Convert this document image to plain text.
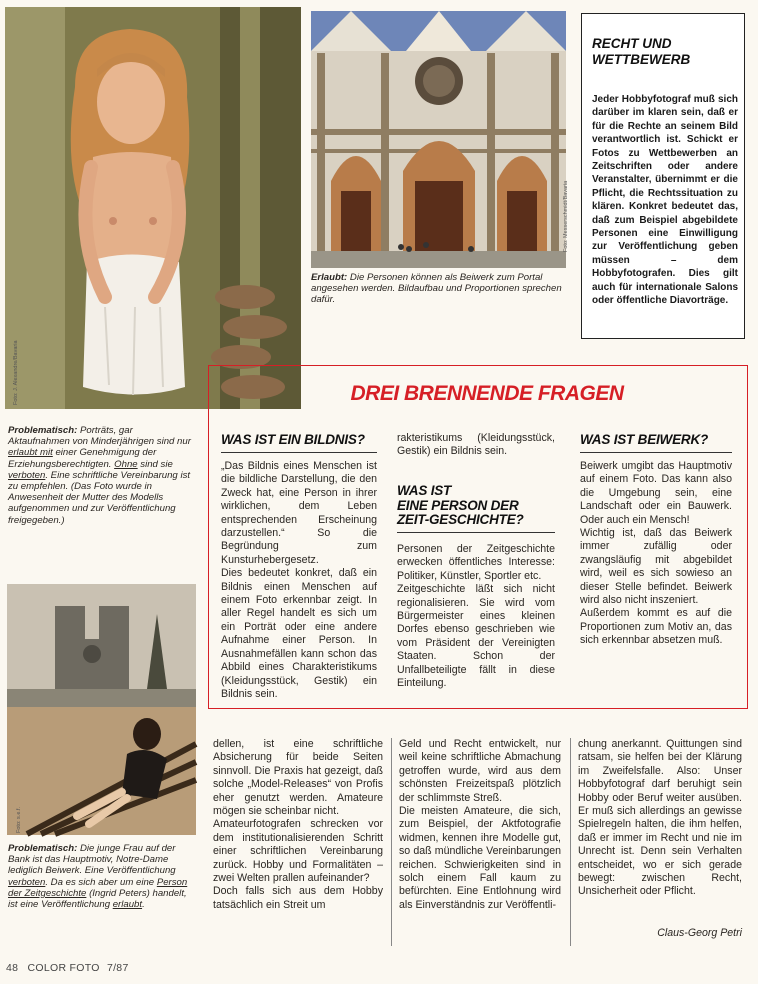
Foto: J. Alexandre/Bavaria
Foto: Messerschmidt/Bavaria
Erlaubt: Die Personen können als Beiwerk zum Portal angesehen werden. Bildaufbau und Proportionen sprechen dafür.
RECHT UND WETTBEWERB
Jeder Hobbyfotograf muß sich darüber im klaren sein, daß er für die Rechte an seinem Bild verantwortlich ist. Schickt er Fotos zu Wettbewerben an Zeitschriften oder andere Veranstalter, übernimmt er die Pflicht, die Rechtssituation zu klären. Konkret bedeutet das, daß zum Beispiel abgebildete Personen eine Einwilligung zur Veröffentlichung geben müssen – dem Hobbyfotografen. Dies gilt auch für internationale Salons oder öffentliche Diavorträge.
Problematisch: Porträts, gar Aktaufnahmen von Minderjährigen sind nur erlaubt mit einer Genehmigung der Erziehungsberechtigten. Ohne sind sie verboten. Eine schriftliche Vereinbarung ist zu empfehlen. (Das Foto wurde in Anwesenheit der Mutter des Modells aufgenommen und zur Veröffentlichung freigegeben.)
DREI BRENNENDE FRAGEN
WAS IST EIN BILDNIS?
„Das Bildnis eines Menschen ist die bildliche Darstellung, die den Zweck hat, eine Person in ihrer wirklichen, dem Leben entsprechenden Erscheinung darzustellen.“ So die Begründung zum Kunsturhebergesetz.
Dies bedeutet konkret, daß ein Bildnis einen Menschen auf einem Foto erkennbar zeigt. In aller Regel handelt es sich um ein Porträt oder eine andere Aufnahme einer Person. In Ausnahmefällen kann schon das Abbild eines Charakteristikums (Kleidungsstück, Gestik) ein Bildnis sein.
rakteristikums (Kleidungsstück, Gestik) ein Bildnis sein.
WAS IST
EINE PERSON DER ZEIT-GESCHICHTE?
Personen der Zeitgeschichte erwecken öffentliches Interesse: Politiker, Künstler, Sportler etc.
Zeitgeschichte läßt sich nicht regionalisieren. Sie wird vom Bürgermeister eines kleinen Dorfes ebenso geschrieben wie vom Präsident der Vereinigten Staaten. Schon der Unfallbeteiligte fällt in diese Einteilung.
WAS IST BEIWERK?
Beiwerk umgibt das Hauptmotiv auf einem Foto. Das kann also die Umgebung sein, eine Landschaft oder ein Bauwerk. Oder auch ein Mensch!
Wichtig ist, daß das Beiwerk immer zufällig oder zwangsläufig mit abgebildet wird, weil es sich sowieso an dieser Stelle befindet. Beiwerk wird also nicht inszeniert.
Außerdem kommt es auf die Proportionen zum Motiv an, das sich erkennbar absetzen muß.
Foto: s.e.f.
Problematisch: Die junge Frau auf der Bank ist das Hauptmotiv, Notre-Dame lediglich Beiwerk. Eine Veröffentlichung verboten. Da es sich aber um eine Person der Zeitgeschichte (Ingrid Peters) handelt, ist eine Veröffentlichung erlaubt.
dellen, ist eine schriftliche Absicherung für beide Seiten sinnvoll. Die Praxis hat gezeigt, daß solche „Model-Releases“ von Profis eher genutzt werden. Amateure mögen sie scheinbar nicht.
Amateurfotografen schrecken vor dem institutionalisierenden Schritt einer schriftlichen Vereinbarung zurück. Hobby und Formalitäten – zwei Welten prallen aufeinander?
Doch falls sich aus dem Hobby tatsächlich ein Streit um
Geld und Recht entwickelt, nur weil keine schriftliche Abmachung getroffen wurde, wird aus dem schönsten Freizeitspaß plötzlich der schlimmste Streß.
Die meisten Amateure, die sich, zum Beispiel, der Aktfotografie widmen, kennen ihre Modelle gut, so daß mündliche Vereinbarungen reichen. Schwierigkeiten sind in solch einem Fall kaum zu befürchten. Eine Entlohnung wird als Einverständnis zur Veröffentli-
chung anerkannt. Quittungen sind ratsam, sie helfen bei der Klärung im Zweifelsfalle. Also: Unser Hobbyfotograf darf beruhigt sein Hobby oder Beruf weiter ausüben. Er muß sich allerdings an gewisse Spielregeln halten, die ihm helfen, daß er immer im Recht und nie im Unrecht ist. Denn sein Verhalten entscheidet, wo er sich gerade bewegt: zwischen Recht, Unsicherheit oder Pflicht.
Claus-Georg Petri
48 COLOR FOTO 7/87
